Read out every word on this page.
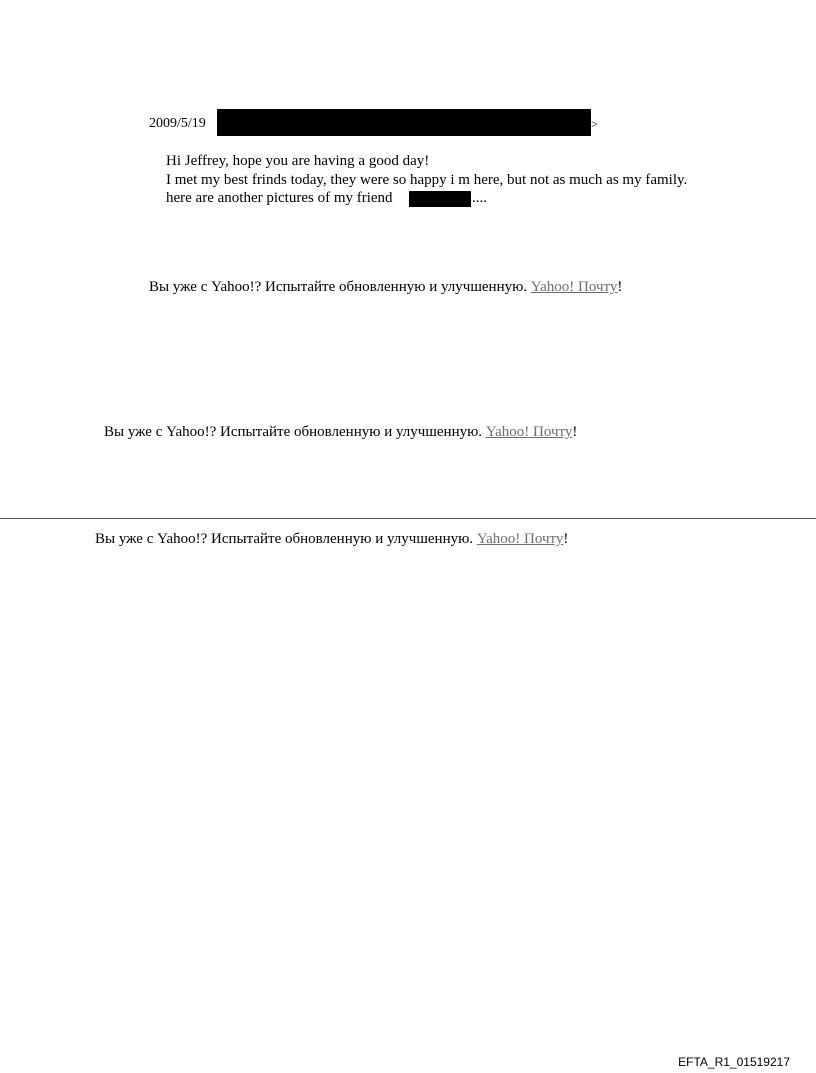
2009/5/19	>
Hi Jeffrey, hope you are having a good day!
I met my best frinds today, they were so happy i m here, but not as much as my family.
here are another pictures of my friend	....
Вы уже с Yahoo!? Испытайте обновленную и улучшенную. Yahoo! Почту!
Вы уже с Yahoo!? Испытайте обновленную и улучшенную. Yahoo! Почту!
Вы уже с Yahoo!? Испытайте обновленную и улучшенную. Yahoo! Почту!
EFTA_R1_01519217
